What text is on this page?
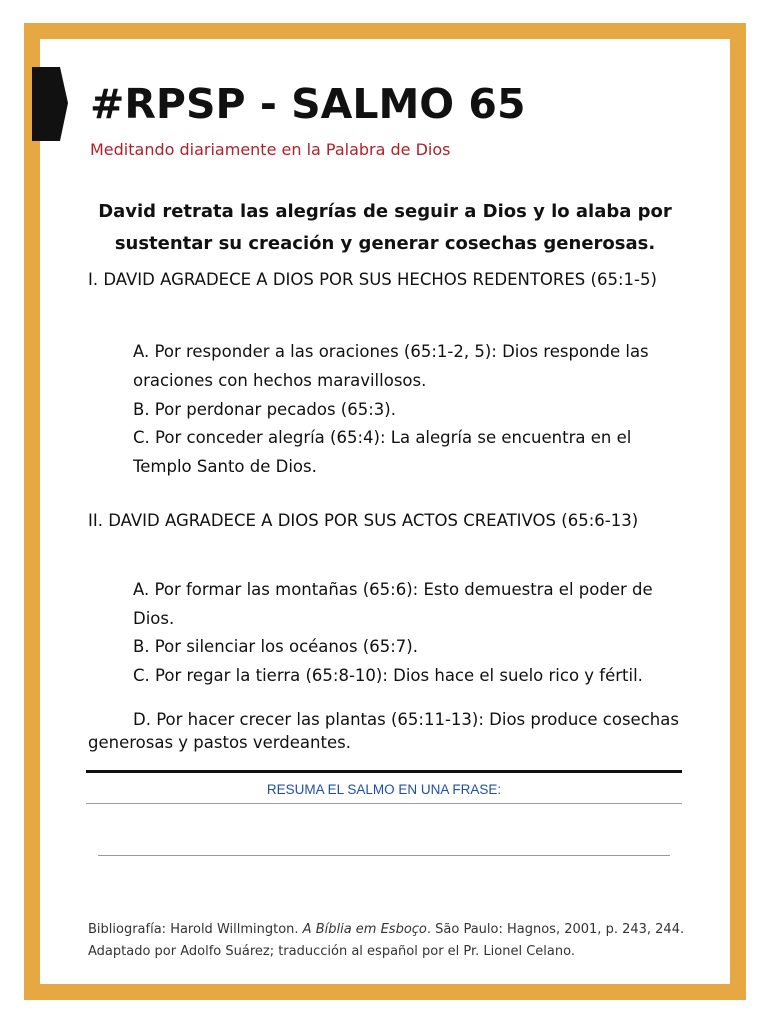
#RPSP - SALMO 65
Meditando diariamente en la Palabra de Dios
David retrata las alegrías de seguir a Dios y lo alaba por sustentar su creación y generar cosechas generosas.
I. DAVID AGRADECE A DIOS POR SUS HECHOS REDENTORES (65:1-5)
A. Por responder a las oraciones (65:1-2, 5): Dios responde las oraciones con hechos maravillosos.
B. Por perdonar pecados (65:3).
C. Por conceder alegría (65:4): La alegría se encuentra en el Templo Santo de Dios.
II. DAVID AGRADECE A DIOS POR SUS ACTOS CREATIVOS (65:6-13)
A. Por formar las montañas (65:6): Esto demuestra el poder de Dios.
B. Por silenciar los océanos (65:7).
C. Por regar la tierra (65:8-10): Dios hace el suelo rico y fértil.
D. Por hacer crecer las plantas (65:11-13): Dios produce cosechas generosas y pastos verdeantes.
RESUMA EL SALMO EN UNA FRASE:
Bibliografía: Harold Willmington. A Bíblia em Esboço. São Paulo: Hagnos, 2001, p. 243, 244. Adaptado por Adolfo Suárez; traducción al español por el Pr. Lionel Celano.
